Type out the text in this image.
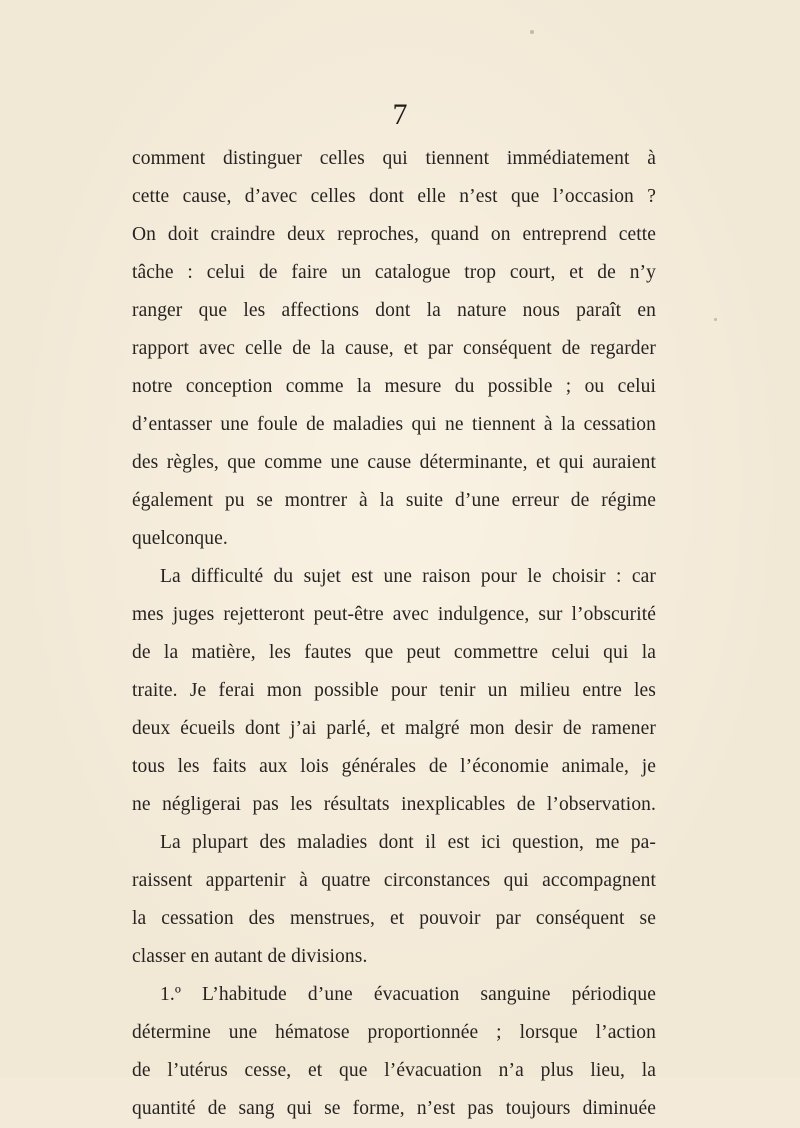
7
comment distinguer celles qui tiennent immédiatement à
cette cause, d’avec celles dont elle n’est que l’occasion ?
On doit craindre deux reproches, quand on entreprend cette
tâche : celui de faire un catalogue trop court, et de n’y
ranger que les affections dont la nature nous paraît en
rapport avec celle de la cause, et par conséquent de regarder
notre conception comme la mesure du possible ; ou celui
d’entasser une foule de maladies qui ne tiennent à la cessation
des règles, que comme une cause déterminante, et qui auraient
également pu se montrer à la suite d’une erreur de régime
quelconque.
La difficulté du sujet est une raison pour le choisir : car
mes juges rejetteront peut-être avec indulgence, sur l’obscurité
de la matière, les fautes que peut commettre celui qui la
traite. Je ferai mon possible pour tenir un milieu entre les
deux écueils dont j’ai parlé, et malgré mon desir de ramener
tous les faits aux lois générales de l’économie animale, je
ne négligerai pas les résultats inexplicables de l’observation.
La plupart des maladies dont il est ici question, me pa-
raissent appartenir à quatre circonstances qui accompagnent
la cessation des menstrues, et pouvoir par conséquent se
classer en autant de divisions.
1.º L’habitude d’une évacuation sanguine périodique
détermine une hématose proportionnée ; lorsque l’action
de l’utérus cesse, et que l’évacuation n’a plus lieu, la
quantité de sang qui se forme, n’est pas toujours diminuée
